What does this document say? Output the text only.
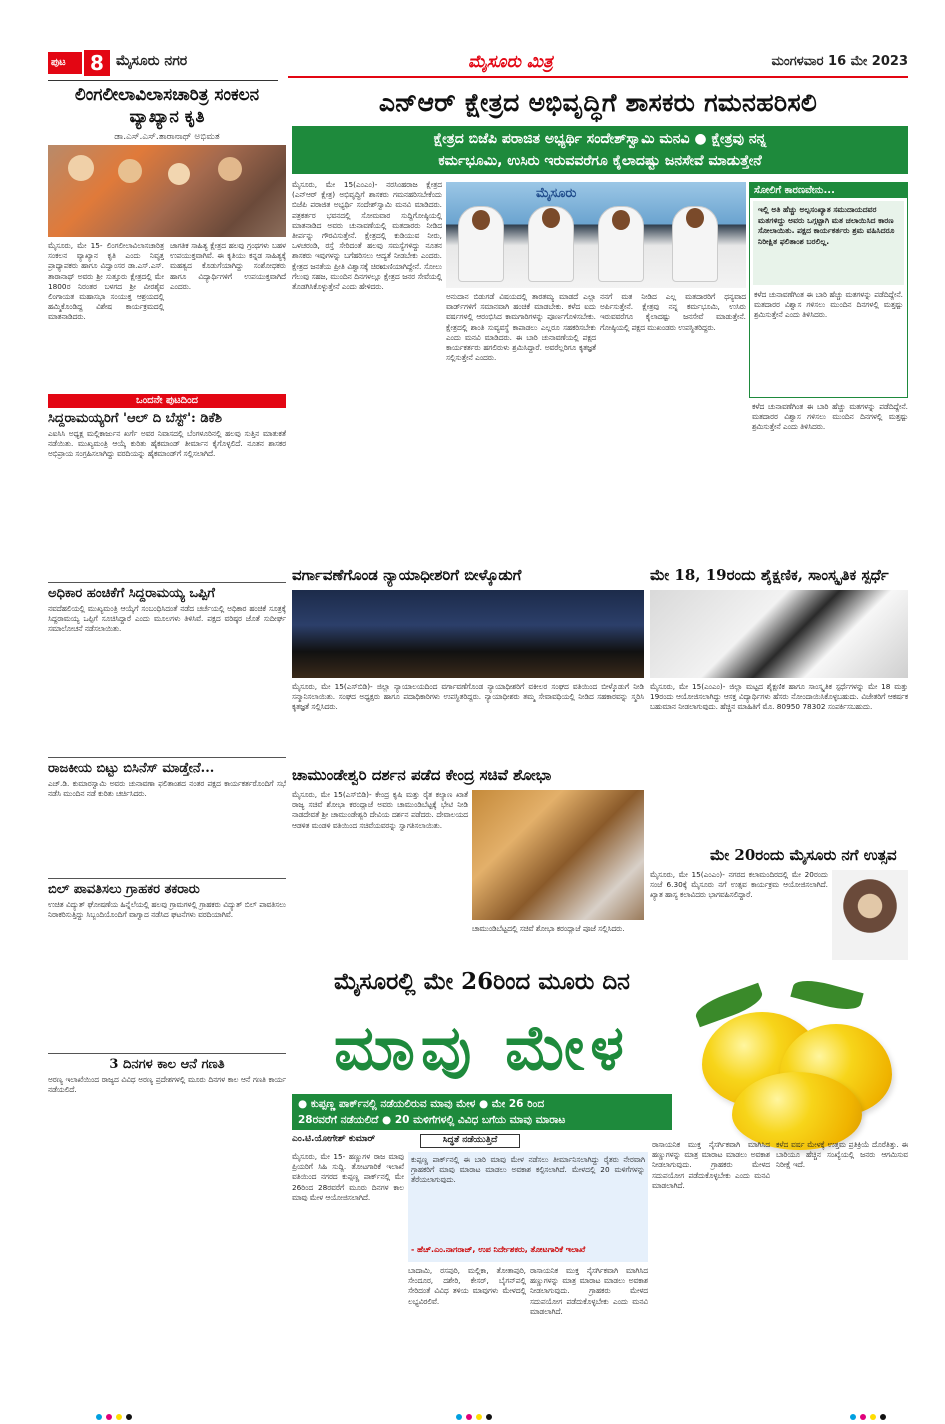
ಪುಟ	8 ಮೈಸೂರು ನಗರ	ಮೈಸೂರು ಮಿತ್ರ	ಮಂಗಳವಾರ 16 ಮೇ 2023
ಲಿಂಗಲೀಲಾವಿಲಾಸಚಾರಿತ್ರ ಸಂಕಲನ ವ್ಯಾಖ್ಯಾನ ಕೃತಿ
ಡಾ.ಎಸ್.ಎಸ್.ತಾರಾನಾಥ್ ಅಭಿಮತ
ಮೈಸೂರು, ಮೇ 15- ಲಿಂಗಲೀಲಾವಿಲಾಸಚಾರಿತ್ರ ಸಂಕಲನ ವ್ಯಾಖ್ಯಾನ ಕೃತಿ ಎಂದು ನಿವೃತ್ತ ಪ್ರಾಧ್ಯಾಪಕರು ಹಾಗೂ ವಿದ್ವಾಂಸರ ಡಾ.ಎಸ್.ಎಸ್. ತಾರಾನಾಥ್ ಅವರು ಶ್ರೀ ಸುತ್ತೂರು ಕ್ಷೇತ್ರದಲ್ಲಿ ಮೇ 1800ರ ನಿರಂತರ ಬಳಗದ ಶ್ರೀ ವೀರಶೈವ ಲಿಂಗಾಯತ ಮಹಾಸಭಾ ಸಂಯುಕ್ತ ಆಶ್ರಯದಲ್ಲಿ ಹಮ್ಮಿಕೊಂಡಿದ್ದ ವಿಶೇಷ ಕಾರ್ಯಕ್ರಮದಲ್ಲಿ ಮಾತನಾಡಿದರು.
ಜಾಗತಿಕ ಸಾಹಿತ್ಯ ಕ್ಷೇತ್ರದ ಹಲವು ಗ್ರಂಥಗಳು ಬಹಳ ಉಪಯುಕ್ತವಾಗಿವೆ. ಈ ಕೃತಿಯು ಕನ್ನಡ ಸಾಹಿತ್ಯಕ್ಕೆ ಮಹತ್ವದ ಕೊಡುಗೆಯಾಗಿದ್ದು ಸಂಶೋಧಕರು ಹಾಗೂ ವಿದ್ಯಾರ್ಥಿಗಳಿಗೆ ಉಪಯುಕ್ತವಾಗಿದೆ ಎಂದರು.
ಒಂದನೇ ಪುಟದಿಂದ
ಸಿದ್ದರಾಮಯ್ಯರಿಗೆ 'ಆಲ್ ದಿ ಬೆಸ್ಟ್': ಡಿಕೆಶಿ
ಎಐಸಿಸಿ ಅಧ್ಯಕ್ಷ ಮಲ್ಲಿಕಾರ್ಜುನ ಖರ್ಗೆ ಅವರ ನಿವಾಸದಲ್ಲಿ ಬೆಂಗಳೂರಿನಲ್ಲಿ ಹಲವು ಸುತ್ತಿನ ಮಾತುಕತೆ ನಡೆಯಿತು. ಮುಖ್ಯಮಂತ್ರಿ ಆಯ್ಕೆ ಕುರಿತು ಹೈಕಮಾಂಡ್ ತೀರ್ಮಾನ ಕೈಗೊಳ್ಳಲಿದೆ. ನೂತನ ಶಾಸಕರ ಅಭಿಪ್ರಾಯ ಸಂಗ್ರಹಿಸಲಾಗಿದ್ದು ವರದಿಯನ್ನು ಹೈಕಮಾಂಡ್‌ಗೆ ಸಲ್ಲಿಸಲಾಗಿದೆ.
ಅಧಿಕಾರ ಹಂಚಿಕೆಗೆ ಸಿದ್ದರಾಮಯ್ಯ ಒಪ್ಪಿಗೆ
ನವದೆಹಲಿಯಲ್ಲಿ ಮುಖ್ಯಮಂತ್ರಿ ಆಯ್ಕೆಗೆ ಸಂಬಂಧಿಸಿದಂತೆ ನಡೆದ ಚರ್ಚೆಯಲ್ಲಿ ಅಧಿಕಾರ ಹಂಚಿಕೆ ಸೂತ್ರಕ್ಕೆ ಸಿದ್ದರಾಮಯ್ಯ ಒಪ್ಪಿಗೆ ಸೂಚಿಸಿದ್ದಾರೆ ಎಂದು ಮೂಲಗಳು ತಿಳಿಸಿವೆ. ಪಕ್ಷದ ವರಿಷ್ಠರ ಜೊತೆ ಸುದೀರ್ಘ ಸಮಾಲೋಚನೆ ನಡೆಸಲಾಯಿತು.
ರಾಜಕೀಯ ಬಿಟ್ಟು ಬಿಸಿನೆಸ್ ಮಾಡ್ತೇನೆ...
ಎಚ್.ಡಿ. ಕುಮಾರಸ್ವಾಮಿ ಅವರು ಚುನಾವಣಾ ಫಲಿತಾಂಶದ ನಂತರ ಪಕ್ಷದ ಕಾರ್ಯಕರ್ತರೊಂದಿಗೆ ಸಭೆ ನಡೆಸಿ ಮುಂದಿನ ನಡೆ ಕುರಿತು ಚರ್ಚಿಸಿದರು.
ಬಿಲ್ ಪಾವತಿಸಲು ಗ್ರಾಹಕರ ತಕರಾರು
ಉಚಿತ ವಿದ್ಯುತ್ ಘೋಷಣೆಯ ಹಿನ್ನೆಲೆಯಲ್ಲಿ ಹಲವು ಗ್ರಾಮಗಳಲ್ಲಿ ಗ್ರಾಹಕರು ವಿದ್ಯುತ್ ಬಿಲ್ ಪಾವತಿಸಲು ನಿರಾಕರಿಸುತ್ತಿದ್ದು ಸಿಬ್ಬಂದಿಯೊಂದಿಗೆ ವಾಗ್ವಾದ ನಡೆಸಿದ ಘಟನೆಗಳು ವರದಿಯಾಗಿವೆ.
3 ದಿನಗಳ ಕಾಲ ಆನೆ ಗಣತಿ
ಅರಣ್ಯ ಇಲಾಖೆಯಿಂದ ರಾಜ್ಯದ ವಿವಿಧ ಅರಣ್ಯ ಪ್ರದೇಶಗಳಲ್ಲಿ ಮೂರು ದಿನಗಳ ಕಾಲ ಆನೆ ಗಣತಿ ಕಾರ್ಯ ನಡೆಯಲಿದೆ.
ಎನ್‌ಆರ್ ಕ್ಷೇತ್ರದ ಅಭಿವೃದ್ಧಿಗೆ ಶಾಸಕರು ಗಮನಹರಿಸಲಿ
ಕ್ಷೇತ್ರದ ಬಿಜೆಪಿ ಪರಾಜಿತ ಅಭ್ಯರ್ಥಿ ಸಂದೇಶ್‌ಸ್ವಾಮಿ ಮನವಿ ● ಕ್ಷೇತ್ರವು ನನ್ನ
ಕರ್ಮಭೂಮಿ, ಉಸಿರು ಇರುವವರೆಗೂ ಕೈಲಾದಷ್ಟು ಜನಸೇವೆ ಮಾಡುತ್ತೇನೆ
ಮೈಸೂರು, ಮೇ 15(ಎಂಎಂ)- ನರಸಿಂಹರಾಜ ಕ್ಷೇತ್ರದ (ಎನ್‌ಆರ್ ಕ್ಷೇತ್ರ) ಅಭಿವೃದ್ಧಿಗೆ ಶಾಸಕರು ಗಮನಹರಿಸಬೇಕೆಂದು ಬಿಜೆಪಿ ಪರಾಜಿತ ಅಭ್ಯರ್ಥಿ ಸಂದೇಶ್‌ಸ್ವಾಮಿ ಮನವಿ ಮಾಡಿದರು. ಪತ್ರಕರ್ತರ ಭವನದಲ್ಲಿ ಸೋಮವಾರ ಸುದ್ದಿಗೋಷ್ಠಿಯಲ್ಲಿ ಮಾತನಾಡಿದ ಅವರು ಚುನಾವಣೆಯಲ್ಲಿ ಮತದಾರರು ನೀಡಿದ ತೀರ್ಪನ್ನು ಗೌರವಿಸುತ್ತೇನೆ. ಕ್ಷೇತ್ರದಲ್ಲಿ ಕುಡಿಯುವ ನೀರು, ಒಳಚರಂಡಿ, ರಸ್ತೆ ಸೇರಿದಂತೆ ಹಲವು ಸಮಸ್ಯೆಗಳಿದ್ದು ನೂತನ ಶಾಸಕರು ಇವುಗಳನ್ನು ಬಗೆಹರಿಸಲು ಆದ್ಯತೆ ನೀಡಬೇಕು ಎಂದರು. ಕ್ಷೇತ್ರದ ಜನತೆಯ ಪ್ರೀತಿ ವಿಶ್ವಾಸಕ್ಕೆ ಚಿರಋಣಿಯಾಗಿದ್ದೇನೆ. ಸೋಲು ಗೆಲುವು ಸಹಜ, ಮುಂದಿನ ದಿನಗಳಲ್ಲೂ ಕ್ಷೇತ್ರದ ಜನರ ಸೇವೆಯಲ್ಲಿ ತೊಡಗಿಸಿಕೊಳ್ಳುತ್ತೇನೆ ಎಂದು ಹೇಳಿದರು.
ಮೈಸೂರು
ಅನುದಾನ ಬಿಡುಗಡೆ ವಿಷಯದಲ್ಲಿ ತಾರತಮ್ಯ ಮಾಡದೆ ಎಲ್ಲಾ ವಾರ್ಡ್‌ಗಳಿಗೆ ಸಮಾನವಾಗಿ ಹಂಚಿಕೆ ಮಾಡಬೇಕು. ಕಳೆದ ಐದು ವರ್ಷಗಳಲ್ಲಿ ಆರಂಭಿಸಿದ ಕಾಮಗಾರಿಗಳನ್ನು ಪೂರ್ಣಗೊಳಿಸಬೇಕು. ಕ್ಷೇತ್ರದಲ್ಲಿ ಶಾಂತಿ ಸುವ್ಯವಸ್ಥೆ ಕಾಪಾಡಲು ಎಲ್ಲರೂ ಸಹಕರಿಸಬೇಕು ಎಂದು ಮನವಿ ಮಾಡಿದರು. ಈ ಬಾರಿ ಚುನಾವಣೆಯಲ್ಲಿ ಪಕ್ಷದ ಕಾರ್ಯಕರ್ತರು ಹಗಲಿರುಳು ಶ್ರಮಿಸಿದ್ದಾರೆ. ಅವರೆಲ್ಲರಿಗೂ ಕೃತಜ್ಞತೆ ಸಲ್ಲಿಸುತ್ತೇನೆ ಎಂದರು.
ನನಗೆ ಮತ ನೀಡಿದ ಎಲ್ಲ ಮತದಾರರಿಗೆ ಧನ್ಯವಾದ ಅರ್ಪಿಸುತ್ತೇನೆ. ಕ್ಷೇತ್ರವು ನನ್ನ ಕರ್ಮಭೂಮಿ, ಉಸಿರು ಇರುವವರೆಗೂ ಕೈಲಾದಷ್ಟು ಜನಸೇವೆ ಮಾಡುತ್ತೇನೆ. ಗೋಷ್ಠಿಯಲ್ಲಿ ಪಕ್ಷದ ಮುಖಂಡರು ಉಪಸ್ಥಿತರಿದ್ದರು.
ಸೋಲಿಗೆ ಕಾರಣವೇನು...
ಇಲ್ಲಿ ಅತಿ ಹೆಚ್ಚು ಅಲ್ಪಸಂಖ್ಯಾತ ಸಮುದಾಯದವರ ಮತಗಳಿದ್ದು ಅವರು ಒಗ್ಗಟ್ಟಾಗಿ ಮತ ಚಲಾಯಿಸಿದ ಕಾರಣ ಸೋಲಾಯಿತು. ಪಕ್ಷದ ಕಾರ್ಯಕರ್ತರು ಶ್ರಮ ವಹಿಸಿದರೂ ನಿರೀಕ್ಷಿತ ಫಲಿತಾಂಶ ಬರಲಿಲ್ಲ.
ಕಳೆದ ಚುನಾವಣೆಗಿಂತ ಈ ಬಾರಿ ಹೆಚ್ಚು ಮತಗಳನ್ನು ಪಡೆದಿದ್ದೇನೆ. ಮತದಾರರ ವಿಶ್ವಾಸ ಗಳಿಸಲು ಮುಂದಿನ ದಿನಗಳಲ್ಲಿ ಮತ್ತಷ್ಟು ಶ್ರಮಿಸುತ್ತೇನೆ ಎಂದು ತಿಳಿಸಿದರು.
ಕಳೆದ ಚುನಾವಣೆಗಿಂತ ಈ ಬಾರಿ ಹೆಚ್ಚು ಮತಗಳನ್ನು ಪಡೆದಿದ್ದೇನೆ. ಮತದಾರರ ವಿಶ್ವಾಸ ಗಳಿಸಲು ಮುಂದಿನ ದಿನಗಳಲ್ಲಿ ಮತ್ತಷ್ಟು ಶ್ರಮಿಸುತ್ತೇನೆ ಎಂದು ತಿಳಿಸಿದರು.
ವರ್ಗಾವಣೆಗೊಂಡ ನ್ಯಾಯಾಧೀಶರಿಗೆ ಬೀಳ್ಕೊಡುಗೆ
ಮೈಸೂರು, ಮೇ 15(ಎಸ್‌ಬಿಡಿ)- ಜಿಲ್ಲಾ ನ್ಯಾಯಾಲಯದಿಂದ ವರ್ಗಾವಣೆಗೊಂಡ ನ್ಯಾಯಾಧೀಶರಿಗೆ ವಕೀಲರ ಸಂಘದ ವತಿಯಿಂದ ಬೀಳ್ಕೊಡುಗೆ ನೀಡಿ ಸನ್ಮಾನಿಸಲಾಯಿತು. ಸಂಘದ ಅಧ್ಯಕ್ಷರು ಹಾಗೂ ಪದಾಧಿಕಾರಿಗಳು ಉಪಸ್ಥಿತರಿದ್ದರು. ನ್ಯಾಯಾಧೀಶರು ತಮ್ಮ ಸೇವಾವಧಿಯಲ್ಲಿ ನೀಡಿದ ಸಹಕಾರವನ್ನು ಸ್ಮರಿಸಿ ಕೃತಜ್ಞತೆ ಸಲ್ಲಿಸಿದರು.
ಮೇ 18, 19ರಂದು ಶೈಕ್ಷಣಿಕ, ಸಾಂಸ್ಕೃತಿಕ ಸ್ಪರ್ಧೆ
ಮೈಸೂರು, ಮೇ 15(ಎಂಎಂ)- ಜಿಲ್ಲಾ ಮಟ್ಟದ ಶೈಕ್ಷಣಿಕ ಹಾಗೂ ಸಾಂಸ್ಕೃತಿಕ ಸ್ಪರ್ಧೆಗಳನ್ನು ಮೇ 18 ಮತ್ತು 19ರಂದು ಆಯೋಜಿಸಲಾಗಿದ್ದು ಆಸಕ್ತ ವಿದ್ಯಾರ್ಥಿಗಳು ಹೆಸರು ನೋಂದಾಯಿಸಿಕೊಳ್ಳಬಹುದು. ವಿಜೇತರಿಗೆ ಆಕರ್ಷಕ ಬಹುಮಾನ ನೀಡಲಾಗುವುದು. ಹೆಚ್ಚಿನ ಮಾಹಿತಿಗೆ ಮೊ. 80950 78302 ಸಂಪರ್ಕಿಸಬಹುದು.
ಚಾಮುಂಡೇಶ್ವರಿ ದರ್ಶನ ಪಡೆದ ಕೇಂದ್ರ ಸಚಿವೆ ಶೋಭಾ
ಮೈಸೂರು, ಮೇ 15(ಎಸ್‌ಬಿಡಿ)- ಕೇಂದ್ರ ಕೃಷಿ ಮತ್ತು ರೈತ ಕಲ್ಯಾಣ ಖಾತೆ ರಾಜ್ಯ ಸಚಿವೆ ಶೋಭಾ ಕರಂದ್ಲಾಜೆ ಅವರು ಚಾಮುಂಡಿಬೆಟ್ಟಕ್ಕೆ ಭೇಟಿ ನೀಡಿ ನಾಡದೇವತೆ ಶ್ರೀ ಚಾಮುಂಡೇಶ್ವರಿ ದೇವಿಯ ದರ್ಶನ ಪಡೆದರು. ದೇವಾಲಯದ ಆಡಳಿತ ಮಂಡಳಿ ವತಿಯಿಂದ ಸಚಿವೆಯವರನ್ನು ಸ್ವಾಗತಿಸಲಾಯಿತು.
ಚಾಮುಂಡಿಬೆಟ್ಟದಲ್ಲಿ ಸಚಿವೆ ಶೋಭಾ ಕರಂದ್ಲಾಜೆ ಪೂಜೆ ಸಲ್ಲಿಸಿದರು.
ಮೇ 20ರಂದು ಮೈಸೂರು ನಗೆ ಉತ್ಸವ
ಮೈಸೂರು, ಮೇ 15(ಎಂಎಂ)- ನಗರದ ಕಲಾಮಂದಿರದಲ್ಲಿ ಮೇ 20ರಂದು ಸಂಜೆ 6.30ಕ್ಕೆ ಮೈಸೂರು ನಗೆ ಉತ್ಸವ ಕಾರ್ಯಕ್ರಮ ಆಯೋಜಿಸಲಾಗಿದೆ. ಖ್ಯಾತ ಹಾಸ್ಯ ಕಲಾವಿದರು ಭಾಗವಹಿಸಲಿದ್ದಾರೆ.
ಮೈಸೂರಲ್ಲಿ ಮೇ 26ರಿಂದ ಮೂರು ದಿನ
ಮಾವು ಮೇಳ
● ಕುಪ್ಪಣ್ಣ ಪಾರ್ಕ್‌ನಲ್ಲಿ ನಡೆಯಲಿರುವ ಮಾವು ಮೇಳ ● ಮೇ 26 ರಿಂದ
28ರವರೆಗೆ ನಡೆಯಲಿದೆ ● 20 ಮಳಿಗೆಗಳಲ್ಲಿ ವಿವಿಧ ಬಗೆಯ ಮಾವು ಮಾರಾಟ
ಎಂ.ಟಿ.ಯೋಗೇಶ್ ಕುಮಾರ್	ಸಿದ್ಧತೆ ನಡೆಯುತ್ತಿದೆ
ಮೈಸೂರು, ಮೇ 15- ಹಣ್ಣುಗಳ ರಾಜ ಮಾವು ಪ್ರಿಯರಿಗೆ ಸಿಹಿ ಸುದ್ದಿ. ತೋಟಗಾರಿಕೆ ಇಲಾಖೆ ವತಿಯಿಂದ ನಗರದ ಕುಪ್ಪಣ್ಣ ಪಾರ್ಕ್‌ನಲ್ಲಿ ಮೇ 26ರಿಂದ 28ರವರೆಗೆ ಮೂರು ದಿನಗಳ ಕಾಲ ಮಾವು ಮೇಳ ಆಯೋಜಿಸಲಾಗಿದೆ.
ಕುಪ್ಪಣ್ಣ ಪಾರ್ಕ್‌ನಲ್ಲಿ ಈ ಬಾರಿ ಮಾವು ಮೇಳ ನಡೆಸಲು ತೀರ್ಮಾನಿಸಲಾಗಿದ್ದು ರೈತರು ನೇರವಾಗಿ ಗ್ರಾಹಕರಿಗೆ ಮಾವು ಮಾರಾಟ ಮಾಡಲು ಅವಕಾಶ ಕಲ್ಪಿಸಲಾಗಿದೆ. ಮೇಳದಲ್ಲಿ 20 ಮಳಿಗೆಗಳನ್ನು ತೆರೆಯಲಾಗುವುದು.
- ಹೆಚ್.ಎಂ.ನಾಗರಾಜ್, ಉಪ ನಿರ್ದೇಶಕರು, ತೋಟಗಾರಿಕೆ ಇಲಾಖೆ
ಬಾದಾಮಿ, ರಸಪುರಿ, ಮಲ್ಲಿಕಾ, ತೋತಾಪುರಿ, ಸೇಂದೂರ, ದಶೇರಿ, ಕೇಸರ್, ಬೈಗನ್‌ಪಲ್ಲಿ ಸೇರಿದಂತೆ ವಿವಿಧ ತಳಿಯ ಮಾವುಗಳು ಮೇಳದಲ್ಲಿ ಲಭ್ಯವಿರಲಿವೆ.
ರಾಸಾಯನಿಕ ಮುಕ್ತ ನೈಸರ್ಗಿಕವಾಗಿ ಮಾಗಿಸಿದ ಹಣ್ಣುಗಳನ್ನು ಮಾತ್ರ ಮಾರಾಟ ಮಾಡಲು ಅವಕಾಶ ನೀಡಲಾಗುವುದು. ಗ್ರಾಹಕರು ಮೇಳದ ಸದುಪಯೋಗ ಪಡೆದುಕೊಳ್ಳಬೇಕು ಎಂದು ಮನವಿ ಮಾಡಲಾಗಿದೆ.
ರಾಸಾಯನಿಕ ಮುಕ್ತ ನೈಸರ್ಗಿಕವಾಗಿ ಮಾಗಿಸಿದ ಹಣ್ಣುಗಳನ್ನು ಮಾತ್ರ ಮಾರಾಟ ಮಾಡಲು ಅವಕಾಶ ನೀಡಲಾಗುವುದು. ಗ್ರಾಹಕರು ಮೇಳದ ಸದುಪಯೋಗ ಪಡೆದುಕೊಳ್ಳಬೇಕು ಎಂದು ಮನವಿ ಮಾಡಲಾಗಿದೆ.
ಕಳೆದ ವರ್ಷ ಮೇಳಕ್ಕೆ ಉತ್ತಮ ಪ್ರತಿಕ್ರಿಯೆ ದೊರೆತಿತ್ತು. ಈ ಬಾರಿಯೂ ಹೆಚ್ಚಿನ ಸಂಖ್ಯೆಯಲ್ಲಿ ಜನರು ಆಗಮಿಸುವ ನಿರೀಕ್ಷೆ ಇದೆ.
